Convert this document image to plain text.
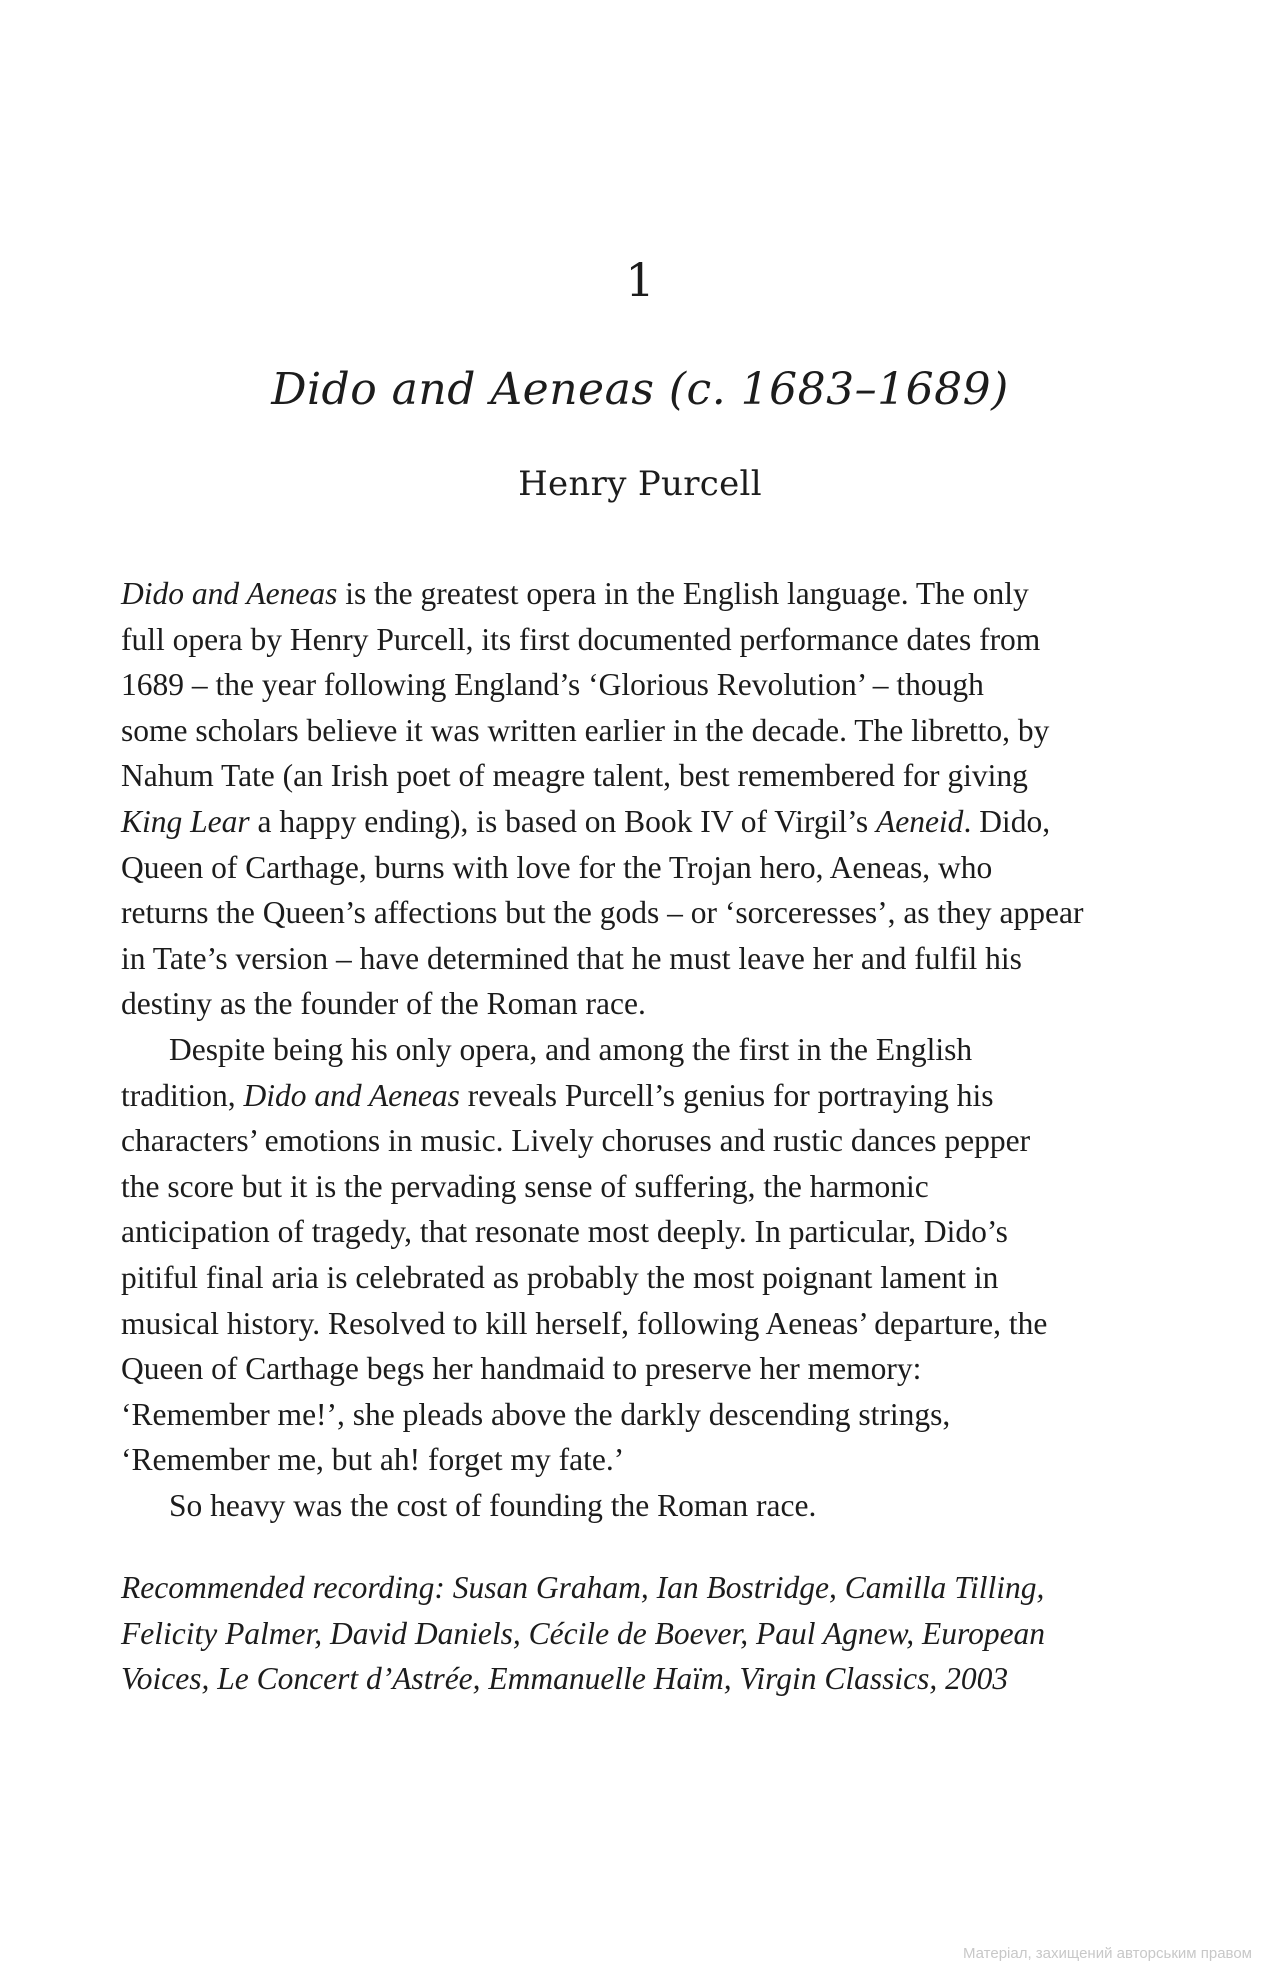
1
Dido and Aeneas (c. 1683–1689)
Henry Purcell
Dido and Aeneas is the greatest opera in the English language. The only
full opera by Henry Purcell, its first documented performance dates from
1689 – the year following England’s ‘Glorious Revolution’ – though
some scholars believe it was written earlier in the decade. The libretto, by
Nahum Tate (an Irish poet of meagre talent, best remembered for giving
King Lear a happy ending), is based on Book IV of Virgil’s Aeneid. Dido,
Queen of Carthage, burns with love for the Trojan hero, Aeneas, who
returns the Queen’s affections but the gods – or ‘sorceresses’, as they appear
in Tate’s version – have determined that he must leave her and fulfil his
destiny as the founder of the Roman race.
Despite being his only opera, and among the first in the English
tradition, Dido and Aeneas reveals Purcell’s genius for portraying his
characters’ emotions in music. Lively choruses and rustic dances pepper
the score but it is the pervading sense of suffering, the harmonic
anticipation of tragedy, that resonate most deeply. In particular, Dido’s
pitiful final aria is celebrated as probably the most poignant lament in
musical history. Resolved to kill herself, following Aeneas’ departure, the
Queen of Carthage begs her handmaid to preserve her memory:
‘Remember me!’, she pleads above the darkly descending strings,
‘Remember me, but ah! forget my fate.’
So heavy was the cost of founding the Roman race.
Recommended recording: Susan Graham, Ian Bostridge, Camilla Tilling,
Felicity Palmer, David Daniels, Cécile de Boever, Paul Agnew, European
Voices, Le Concert d’Astrée, Emmanuelle Haïm, Virgin Classics, 2003

Матеріал, захищений авторським правом
